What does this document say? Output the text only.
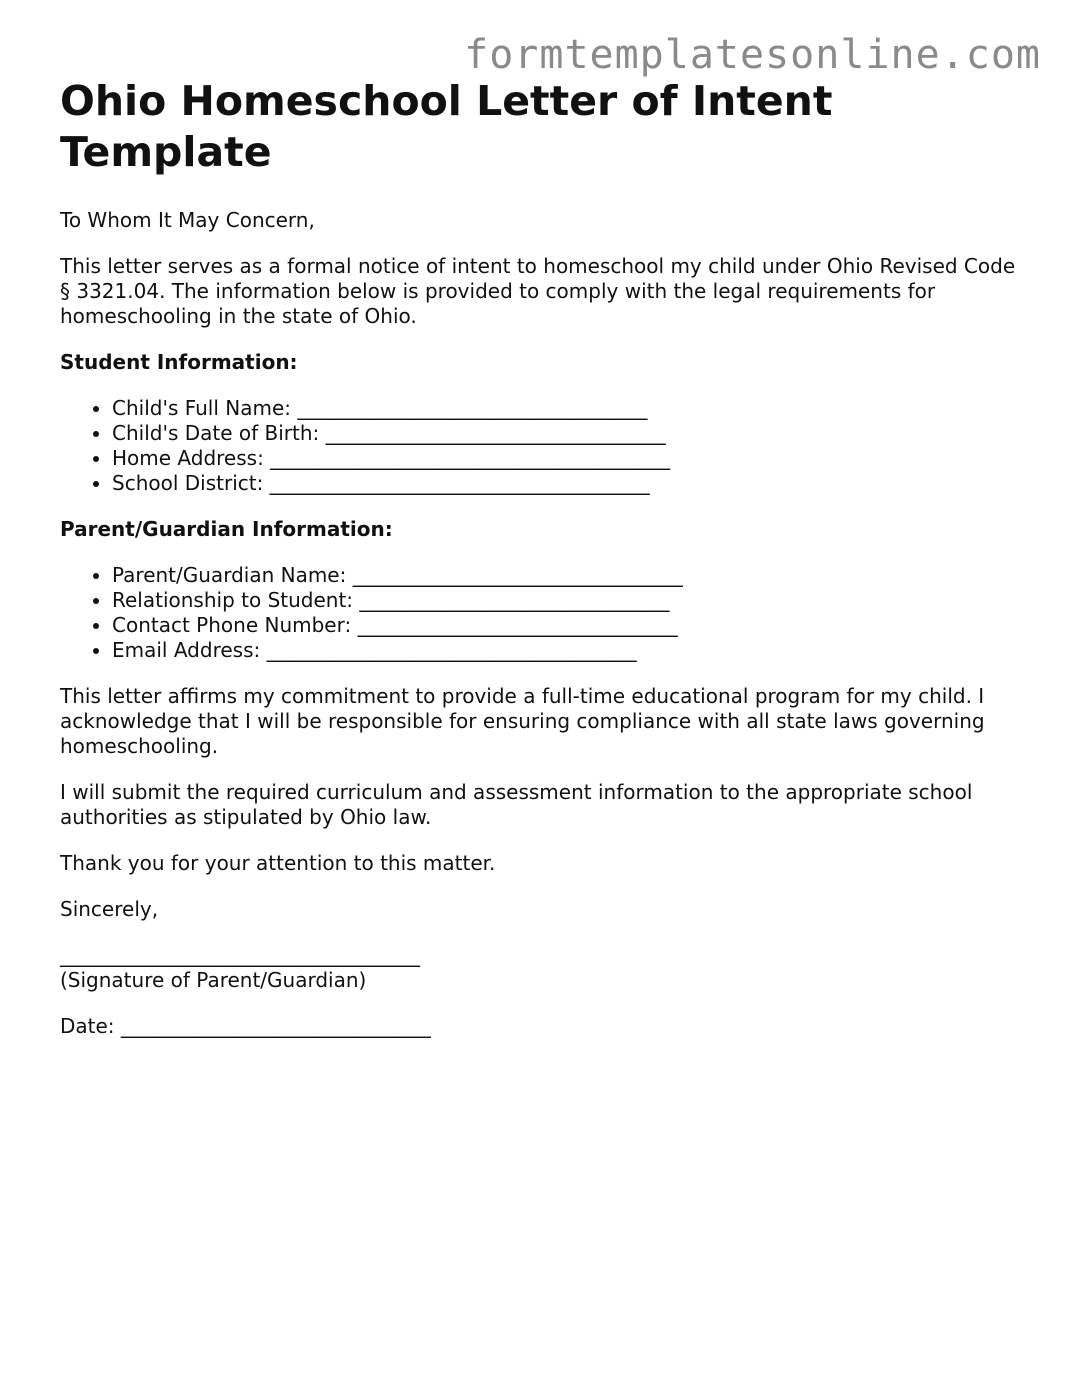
formtemplatesonline.com
Ohio Homeschool Letter of Intent Template

To Whom It May Concern,

This letter serves as a formal notice of intent to homeschool my child under Ohio Revised Code § 3321.04. The information below is provided to comply with the legal requirements for homeschooling in the state of Ohio.

Student Information:

• Child's Full Name: ___________________________________
• Child's Date of Birth: __________________________________
• Home Address: ________________________________________
• School District: ______________________________________

Parent/Guardian Information:

• Parent/Guardian Name: _________________________________
• Relationship to Student: _______________________________
• Contact Phone Number: ________________________________
• Email Address: _____________________________________

This letter affirms my commitment to provide a full-time educational program for my child. I acknowledge that I will be responsible for ensuring compliance with all state laws governing homeschooling.

I will submit the required curriculum and assessment information to the appropriate school authorities as stipulated by Ohio law.

Thank you for your attention to this matter.

Sincerely,

____________________________________
(Signature of Parent/Guardian)

Date: _______________________________
